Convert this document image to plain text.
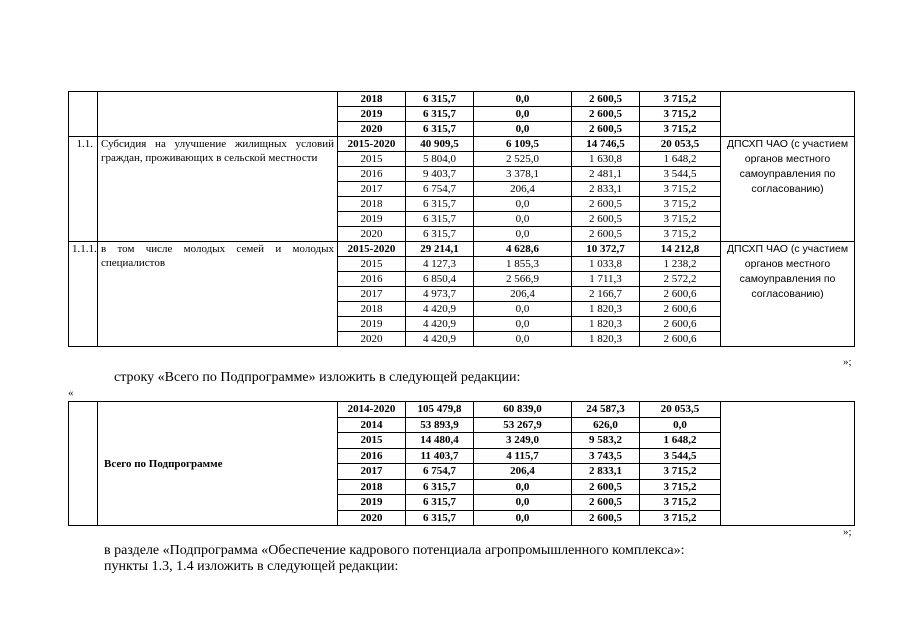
		2018	6 315,7	0,0	2 600,5	3 715,2	
		2019	6 315,7	0,0	2 600,5	3 715,2	
		2020	6 315,7	0,0	2 600,5	3 715,2	
1.1.	Субсидия на улучшение жилищных условий граждан, проживающих в сельской местности	2015-2020	40 909,5	6 109,5	14 746,5	20 053,5	ДПСХП ЧАО (с участием органов местного самоуправления по согласованию)
		2015	5 804,0	2 525,0	1 630,8	1 648,2	
		2016	9 403,7	3 378,1	2 481,1	3 544,5	
		2017	6 754,7	206,4	2 833,1	3 715,2	
		2018	6 315,7	0,0	2 600,5	3 715,2	
		2019	6 315,7	0,0	2 600,5	3 715,2	
		2020	6 315,7	0,0	2 600,5	3 715,2	
1.1.1.	в том числе молодых семей и молодых специалистов	2015-2020	29 214,1	4 628,6	10 372,7	14 212,8	ДПСХП ЧАО (с участием органов местного самоуправления по согласованию)
		2015	4 127,3	1 855,3	1 033,8	1 238,2	
		2016	6 850,4	2 566,9	1 711,3	2 572,2	
		2017	4 973,7	206,4	2 166,7	2 600,6	
		2018	4 420,9	0,0	1 820,3	2 600,6	
		2019	4 420,9	0,0	1 820,3	2 600,6	
		2020	4 420,9	0,0	1 820,3	2 600,6	
»;
строку «Всего по Подпрограмме» изложить в следующей редакции:
«
	Всего по Подпрограмме	2014-2020	105 479,8	60 839,0	24 587,3	20 053,5	
		2014	53 893,9	53 267,9	626,0	0,0	
		2015	14 480,4	3 249,0	9 583,2	1 648,2	
		2016	11 403,7	4 115,7	3 743,5	3 544,5	
		2017	6 754,7	206,4	2 833,1	3 715,2	
		2018	6 315,7	0,0	2 600,5	3 715,2	
		2019	6 315,7	0,0	2 600,5	3 715,2	
		2020	6 315,7	0,0	2 600,5	3 715,2	
»;
в разделе «Подпрограмма «Обеспечение кадрового потенциала агропромышленного комплекса»:
пункты 1.3, 1.4 изложить в следующей редакции:
